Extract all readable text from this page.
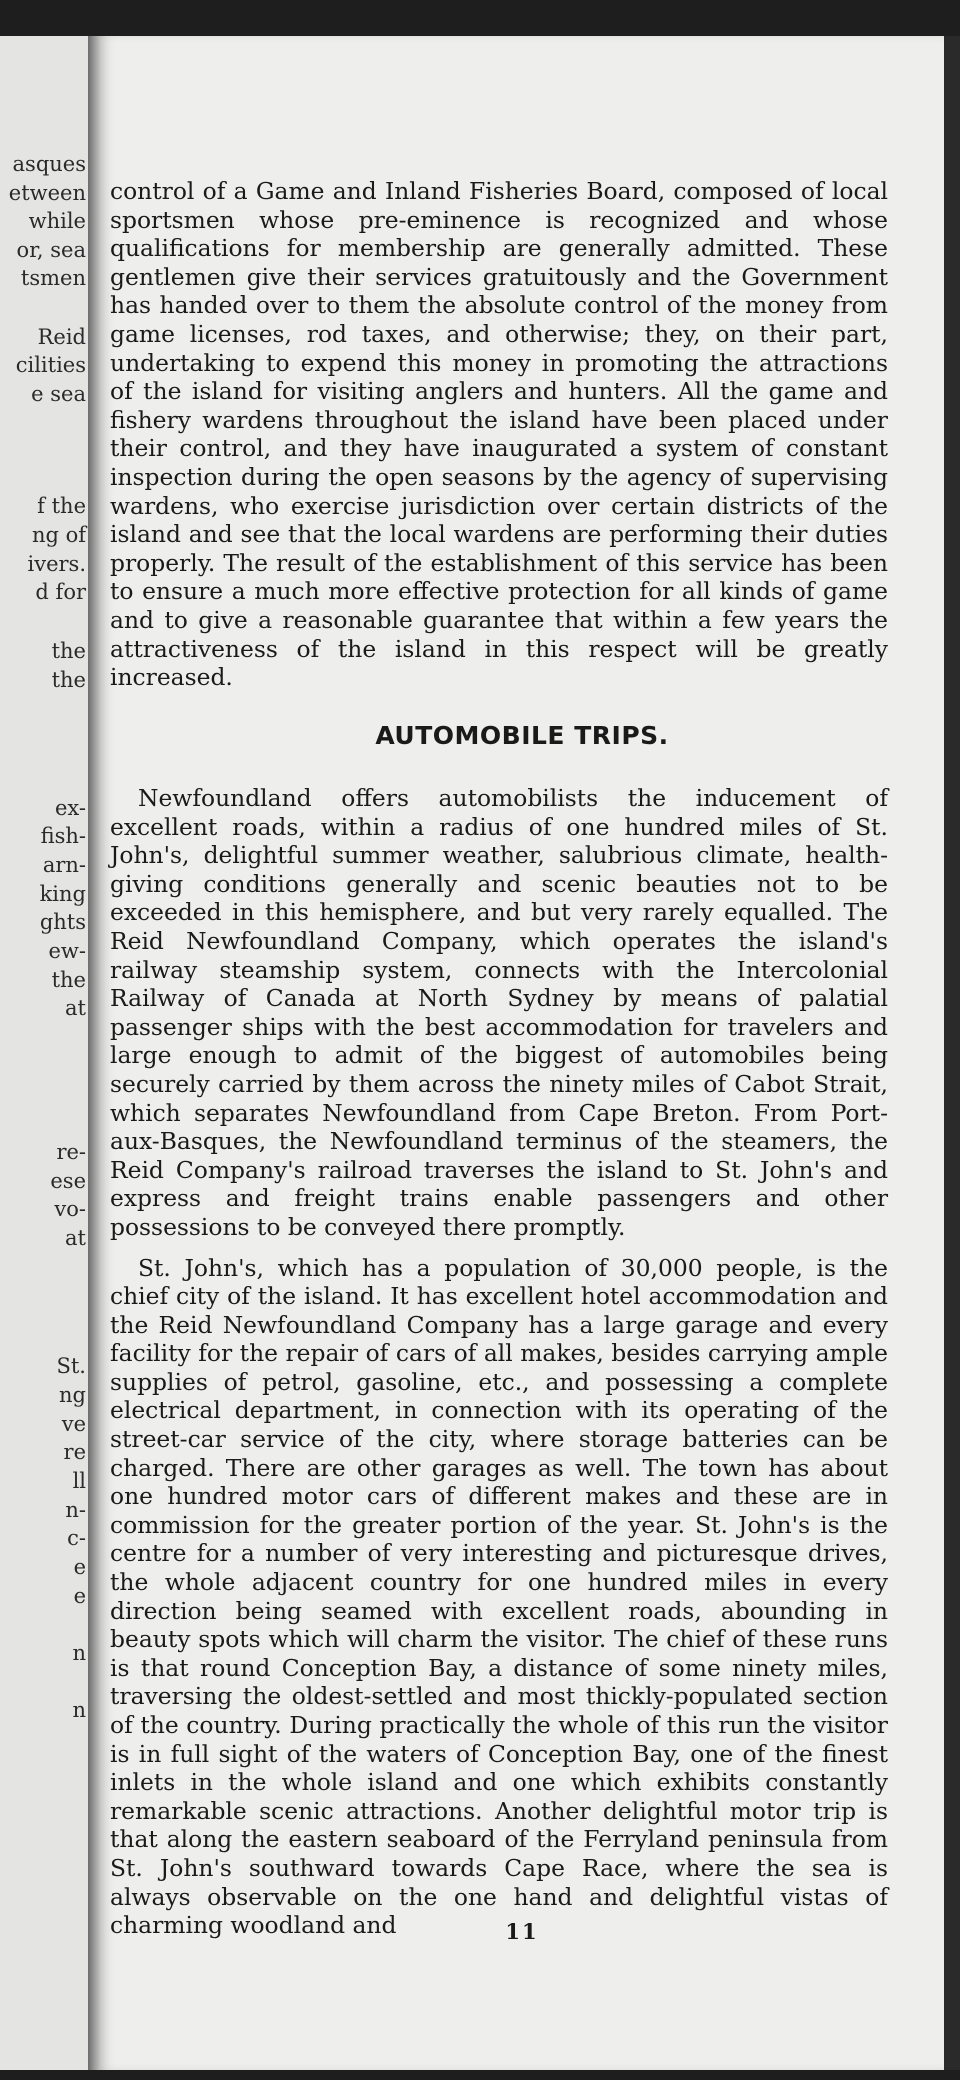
asques
etween
while
or, sea
tsmen
Reid
cilities
e sea
f the
ng of
ivers.
d for
the
the
ex-
fish-
arn-
king
ghts
ew-
the
at
re-
ese
vo-
at
St.
ng
ve
re
ll
n-
c-
e
e
n
n

control of a Game and Inland Fisheries Board, composed of local sportsmen whose pre-eminence is recognized and whose qualifications for membership are generally admitted. These gentlemen give their services gratuitously and the Government has handed over to them the absolute control of the money from game licenses, rod taxes, and otherwise; they, on their part, undertaking to expend this money in promoting the attractions of the island for visiting anglers and hunters. All the game and fishery wardens throughout the island have been placed under their control, and they have inaugurated a system of constant inspection during the open seasons by the agency of supervising wardens, who exercise jurisdiction over certain districts of the island and see that the local wardens are performing their duties properly. The result of the establishment of this service has been to ensure a much more effective protection for all kinds of game and to give a reasonable guarantee that within a few years the attractiveness of the island in this respect will be greatly increased.

AUTOMOBILE TRIPS.

Newfoundland offers automobilists the inducement of excellent roads, within a radius of one hundred miles of St. John's, delightful summer weather, salubrious climate, health-giving conditions generally and scenic beauties not to be exceeded in this hemisphere, and but very rarely equalled. The Reid Newfoundland Company, which operates the island's railway steamship system, connects with the Intercolonial Railway of Canada at North Sydney by means of palatial passenger ships with the best accommodation for travelers and large enough to admit of the biggest of automobiles being securely carried by them across the ninety miles of Cabot Strait, which separates Newfoundland from Cape Breton. From Port-aux-Basques, the Newfoundland terminus of the steamers, the Reid Company's railroad traverses the island to St. John's and express and freight trains enable passengers and other possessions to be conveyed there promptly.

St. John's, which has a population of 30,000 people, is the chief city of the island. It has excellent hotel accommodation and the Reid Newfoundland Company has a large garage and every facility for the repair of cars of all makes, besides carrying ample supplies of petrol, gasoline, etc., and possessing a complete electrical department, in connection with its operating of the street-car service of the city, where storage batteries can be charged. There are other garages as well. The town has about one hundred motor cars of different makes and these are in commission for the greater portion of the year. St. John's is the centre for a number of very interesting and picturesque drives, the whole adjacent country for one hundred miles in every direction being seamed with excellent roads, abounding in beauty spots which will charm the visitor. The chief of these runs is that round Conception Bay, a distance of some ninety miles, traversing the oldest-settled and most thickly-populated section of the country. During practically the whole of this run the visitor is in full sight of the waters of Conception Bay, one of the finest inlets in the whole island and one which exhibits constantly remarkable scenic attractions. Another delightful motor trip is that along the eastern seaboard of the Ferryland peninsula from St. John's southward towards Cape Race, where the sea is always observable on the one hand and delightful vistas of charming woodland and	11
